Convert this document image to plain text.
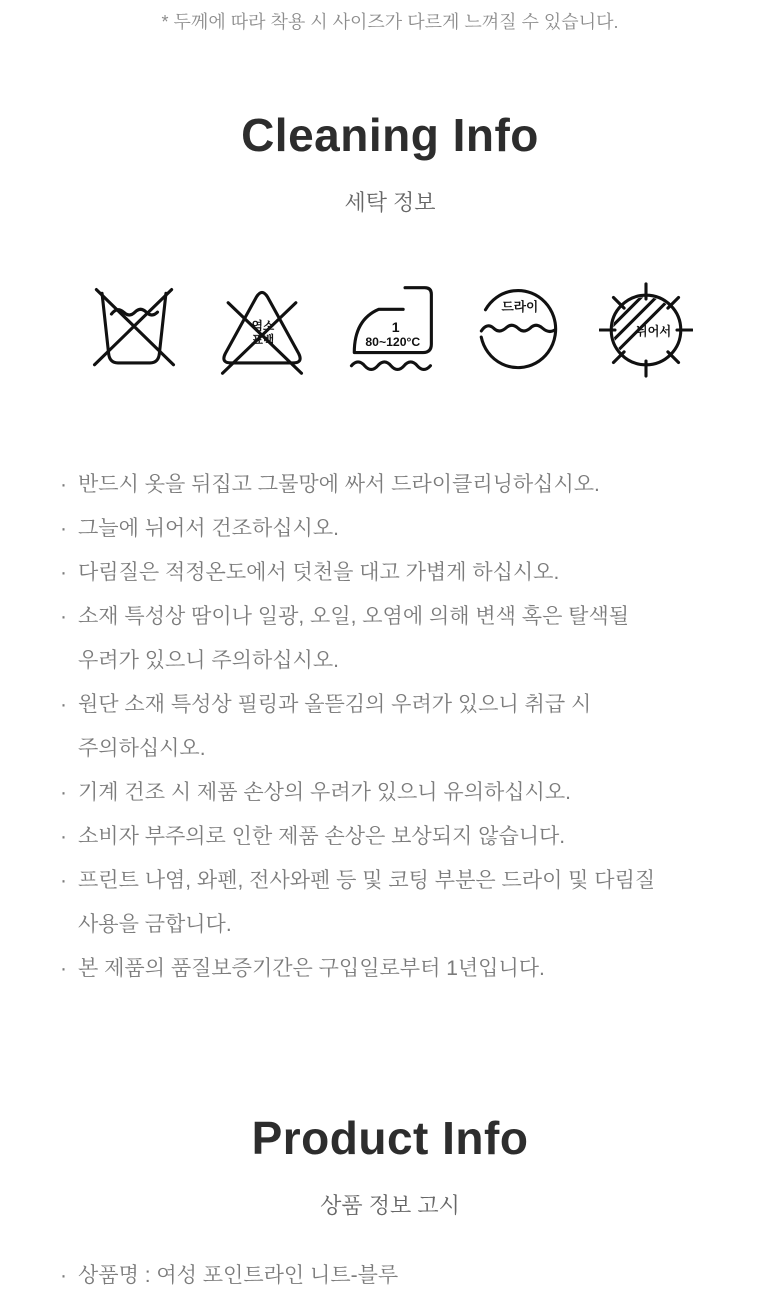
* 두께에 따라 착용 시 사이즈가 다르게 느껴질 수 있습니다.

Cleaning Info

세탁 정보

염소
표백
1
80~120°C
드라이
뉘어서
· 반드시 옷을 뒤집고 그물망에 싸서 드라이클리닝하십시오.
· 그늘에 뉘어서 건조하십시오.
· 다림질은 적정온도에서 덧천을 대고 가볍게 하십시오.
· 소재 특성상 땀이나 일광, 오일, 오염에 의해 변색 혹은 탈색될 우려가 있으니 주의하십시오.
· 원단 소재 특성상 필링과 올뜯김의 우려가 있으니 취급 시 주의하십시오.
· 기계 건조 시 제품 손상의 우려가 있으니 유의하십시오.
· 소비자 부주의로 인한 제품 손상은 보상되지 않습니다.
· 프린트 나염, 와펜, 전사와펜 등 및 코팅 부분은 드라이 및 다림질 사용을 금합니다.
· 본 제품의 품질보증기간은 구입일로부터 1년입니다.
Product Info

상품 정보 고시

· 상품명 : 여성 포인트라인 니트-블루
